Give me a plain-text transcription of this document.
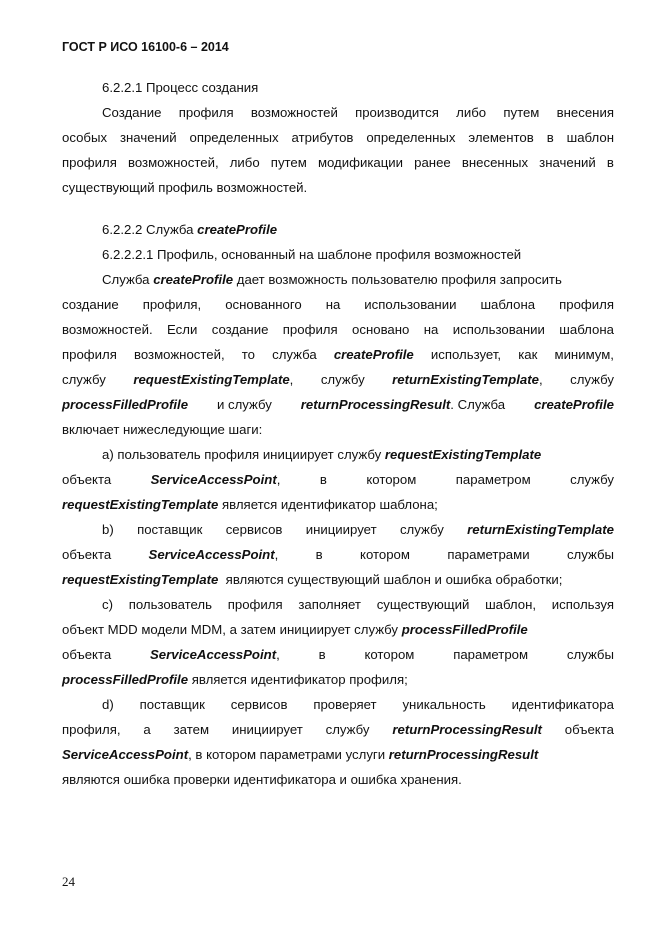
ГОСТ Р ИСО 16100-6 – 2014

6.2.2.1 Процесс создания

Создание профиля возможностей производится либо путем внесения

особых значений определенных атрибутов определенных элементов в шаблон

профиля возможностей, либо путем модификации ранее внесенных значений в

существующий профиль возможностей.

6.2.2.2 Служба createProfile

6.2.2.2.1 Профиль, основанный на шаблоне профиля возможностей

Служба createProfile дает возможность пользователю профиля запросить

создание профиля, основанного на использовании шаблона профиля

возможностей. Если создание профиля основано на использовании шаблона

профиля возможностей, то служба createProfile использует, как минимум,

службу requestExistingTemplate, службу returnExistingTemplate, службу

processFilledProfile и службу returnProcessingResult. Служба createProfile

включает нижеследующие шаги:

а) пользователь профиля инициирует службу requestExistingTemplate

объекта	ServiceAccessPoint,	в	котором	параметром	службу

requestExistingTemplate является идентификатор шаблона;

b) поставщик сервисов инициирует службу returnExistingTemplate

объекта	ServiceAccessPoint,	в	котором	параметрами	службы

requestExistingTemplate  являются существующий шаблон и ошибка обработки;

c) пользователь профиля заполняет существующий шаблон, используя

объект MDD модели MDM, а затем инициирует службу processFilledProfile

объекта	ServiceAccessPoint,	в	котором	параметром	службы

processFilledProfile является идентификатор профиля;

d) поставщик сервисов проверяет уникальность идентификатора

профиля, а затем инициирует службу returnProcessingResult объекта

ServiceAccessPoint, в котором параметрами услуги returnProcessingResult

являются ошибка проверки идентификатора и ошибка хранения.

24
